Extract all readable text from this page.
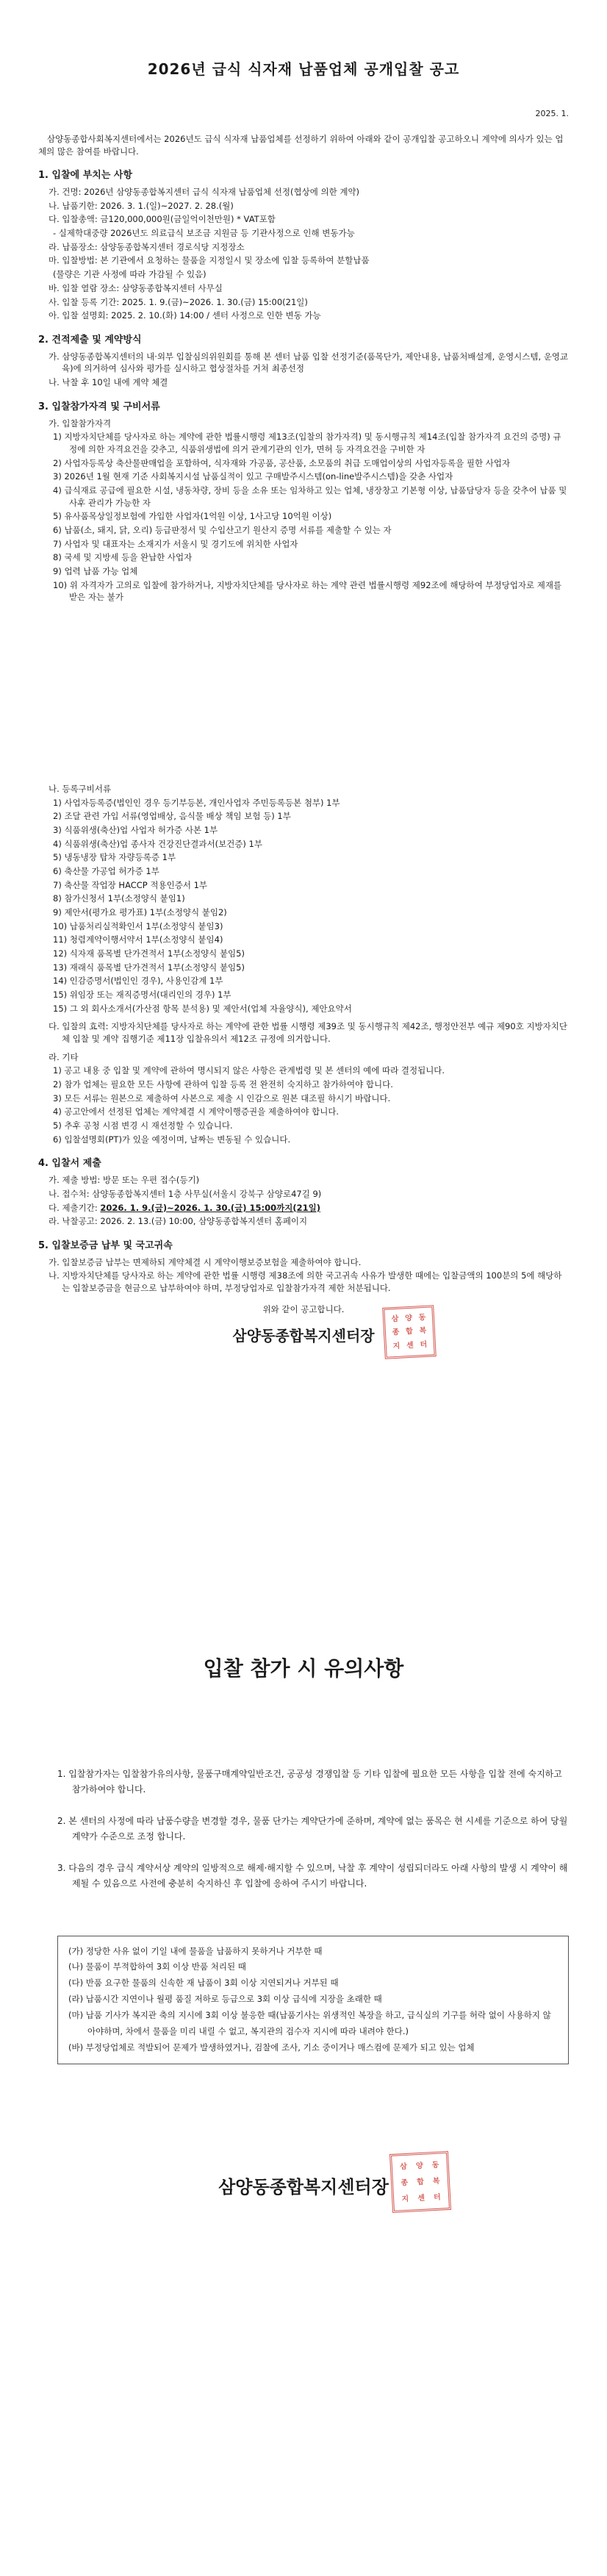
2026년 급식 식자재 납품업체 공개입찰 공고
2025. 1.

삼양동종합사회복지센터에서는 2026년도 급식 식자재 납품업체를 선정하기 위하여 아래와 같이 공개입찰 공고하오니 계약에 의사가 있는 업체의 많은 참여를 바랍니다.

1. 입찰에 부치는 사항
가. 건명: 2026년 삼양동종합복지센터 급식 식자재 납품업체 선정(협상에 의한 계약)
나. 납품기한: 2026. 3. 1.(일)~2027. 2. 28.(월)
다. 입찰총액: 금120,000,000원(금일억이천만원) * VAT포함
- 실제학대중량 2026년도 의료급식 보조금 지원금 등 기관사정으로 인해 변동가능
라. 납품장소: 삼양동종합복지센터 경로식당 지정장소
마. 입찰방법: 본 기관에서 요청하는 물품을 지정일시 및 장소에 입찰 등록하여 분할납품
(물량은 기관 사정에 따라 가감될 수 있음)
바. 입찰 열람 장소: 삼양동종합복지센터 사무실
사. 입찰 등록 기간: 2025. 1. 9.(금)~2026. 1. 30.(금) 15:00(21일)
아. 입찰 설명회: 2025. 2. 10.(화) 14:00 / 센터 사정으로 인한 변동 가능
2. 견적제출 및 계약방식
가. 삼양동종합복지센터의 내·외부 입찰심의위원회를 통해 본 센터 납품 입찰 선정기준(품목단가, 제안내용, 납품처배설계, 운영시스템, 운영교육)에 의거하여 심사와 평가를 실시하고 협상절차를 거쳐 최종선정
나. 낙찰 후 10일 내에 계약 체결
3. 입찰참가자격 및 구비서류
가. 입찰참가자격
1) 지방자치단체를 당사자로 하는 계약에 관한 법률시행령 제13조(입찰의 참가자격) 및 동시행규칙 제14조(입찰 참가자격 요건의 증명) 규정에 의한 자격요건을 갖추고, 식품위생법에 의거 관계기관의 인가, 면허 등 자격요건을 구비한 자
2) 사업자등록상 축산물판매업을 포함하여, 식자재와 가공품, 공산품, 소모품의 취급 도매업이상의 사업자등록을 필한 사업자
3) 2026년 1월 현재 기준 사회복지시설 납품실적이 있고 구매발주시스템(on-line발주시스템)을 갖춘 사업자
4) 급식재료 공급에 필요한 시설, 냉동차량, 장비 등을 소유 또는 임차하고 있는 업체, 냉장창고 기본형 이상, 납품담당자 등을 갖추어 납품 및 사후 관리가 가능한 자
5) 유사품목상일정보험에 가입한 사업자(1억원 이상, 1사고당 10억원 이상)
6) 납품(소, 돼지, 닭, 오리) 등급판정서 및 수입산고기 원산지 증명 서류를 제출할 수 있는 자
7) 사업자 및 대표자는 소재지가 서울시 및 경기도에 위치한 사업자
8) 국세 및 지방세 등을 완납한 사업자
9) 업력 납품 가능 업체
10) 위 자격자가 고의로 입찰에 참가하거나, 지방자치단체를 당사자로 하는 계약 관련 법률시행령 제92조에 해당하여 부정당업자로 제재를 받은 자는 불가
나. 등록구비서류
1) 사업자등록증(법인인 경우 등기부등본, 개인사업자 주민등록등본 첨부) 1부
2) 조달 관련 가입 서류(영업배상, 음식물 배상 책임 보험 등) 1부
3) 식품위생(축산)업 사업자 허가증 사본 1부
4) 식품위생(축산)업 종사자 건강진단결과서(보건증) 1부
5) 냉동냉장 탑차 자량등록증 1부
6) 축산물 가공업 허가증 1부
7) 축산물 작업장 HACCP 적용인증서 1부
8) 참가신청서 1부(소정양식 붙임1)
9) 제안서(평가요 평가표) 1부(소정양식 붙임2)
10) 납품처리실적확인서 1부(소정양식 붙임3)
11) 청렴계약이행서약서 1부(소정양식 붙임4)
12) 식자재 품목별 단가견적서 1부(소정양식 붙임5)
13) 재래식 품목별 단가견적서 1부(소정양식 붙임5)
14) 인감증명서(법인인 경우), 사용인감계 1부
15) 위임장 또는 재직증명서(대리인의 경우) 1부
15) 그 외 회사소개서(가산점 항목 분석용) 및 제안서(업체 자율양식), 제안요약서
다. 입찰의 효력: 지방자치단체를 당사자로 하는 계약에 관한 법률 시행령 제39조 및 동시행규칙 제42조, 행정안전부 예규 제90호 지방자치단체 입찰 및 계약 집행기준 제11장 입찰유의서 제12조 규정에 의거합니다.
라. 기타
1) 공고 내용 중 입찰 및 계약에 관하여 명시되지 않은 사항은 관계법령 및 본 센터의 예에 따라 결정됩니다.
2) 참가 업체는 필요한 모든 사항에 관하여 입찰 등록 전 완전히 숙지하고 참가하여야 합니다.
3) 모든 서류는 원본으로 제출하여 사본으로 제출 시 인감으로 원본 대조필 하시기 바랍니다.
4) 공고안에서 선정된 업체는 계약체결 시 계약이행증권을 제출하여야 합니다.
5) 추후 공청 시점 변경 시 재선정할 수 있습니다.
6) 입찰설명회(PT)가 있을 예정이며, 날짜는 변동될 수 있습니다.
4. 입찰서 제출
가. 제출 방법: 방문 또는 우편 접수(등기)
나. 접수처: 삼양동종합복지센터 1층 사무실(서울시 강북구 삼양로47길 9)
다. 제출기간: 2026. 1. 9.(금)~2026. 1. 30.(금) 15:00까지(21일)
라. 낙찰공고: 2026. 2. 13.(금) 10:00, 삼양동종합복지센터 홈페이지
5. 입찰보증금 납부 및 국고귀속
가. 입찰보증금 납부는 면제하되 계약체결 시 계약이행보증보험을 제출하여야 합니다.
나. 지방자치단체를 당사자로 하는 계약에 관한 법률 시행령 제38조에 의한 국고귀속 사유가 발생한 때에는 입찰금액의 100분의 5에 해당하는 입찰보증금을 현금으로 납부하여야 하며, 부정당업자로 입찰참가자격 제한 처분됩니다.
위와 같이 공고합니다.
삼양동종합복지센터장
삼 양 동
종 합 복
지 센 터
입찰 참가 시 유의사항

1. 입찰참가자는 입찰참가유의사항, 물품구매계약일반조건, 공공성 경쟁입찰 등 기타 입찰에 필요한 모든 사항을 입찰 전에 숙지하고 참가하여야 합니다.

2. 본 센터의 사정에 따라 납품수량을 변경할 경우, 물품 단가는 계약단가에 준하며, 계약에 없는 품목은 현 시세를 기준으로 하여 당월 계약가 수준으로 조정 합니다.

3. 다음의 경우 급식 계약서상 계약의 일방적으로 해제·해지할 수 있으며, 낙찰 후 계약이 성립되더라도 아래 사항의 발생 시 계약이 해제될 수 있음으로 사전에 충분히 숙지하신 후 입찰에 응하여 주시기 바랍니다.

(가) 정당한 사유 없이 기일 내에 물품을 납품하지 못하거나 거부한 때
(나) 물품이 부적합하여 3회 이상 반품 처리된 때
(다) 반품 요구한 물품의 신속한 재 납품이 3회 이상 지연되거나 거부된 때
(라) 납품시간 지연이나 월평 품질 저하로 등급으로 3회 이상 급식에 지장을 초래한 때
(마) 납품 기사가 복지관 축의 지시에 3회 이상 불응한 때(납품기사는 위생적인 복장을 하고, 급식실의 기구를 허락 없이 사용하지 않아야하며, 차에서 물품을 미리 내릴 수 없고, 복지관의 검수자 지시에 따라 내려야 한다.)
(바) 부정당업체로 적발되어 문제가 발생하였거나, 검찰에 조사, 기소 중이거나 매스컴에 문제가 되고 있는 업체
삼양동종합복지센터장
삼	양	동
종	합	복
지	센	터
